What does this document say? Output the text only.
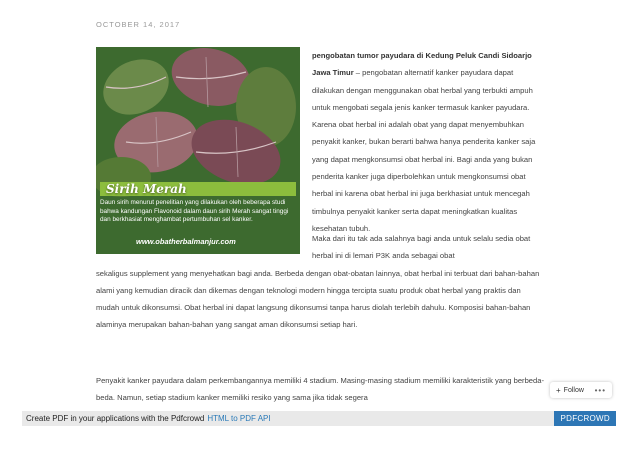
OCTOBER 14, 2017
Sirih Merah
Daun sirih menurut penelitian yang dilakukan oleh beberapa studi bahwa kandungan Flavonoid dalam daun sirih Merah sangat tinggi dan berkhasiat menghambat pertumbuhan sel kanker.
www.obatherbalmanjur.com

pengobatan tumor payudara di Kedung Peluk Candi Sidoarjo Jawa Timur – pengobatan alternatif kanker payudara dapat dilakukan dengan menggunakan obat herbal yang terbukti ampuh untuk mengobati segala jenis kanker termasuk kanker payudara. Karena obat herbal ini adalah obat yang dapat menyembuhkan penyakit kanker, bukan berarti bahwa hanya penderita kanker saja yang dapat mengkonsumsi obat herbal ini. Bagi anda yang bukan penderita kanker juga diperbolehkan untuk mengkonsumsi obat herbal ini karena obat herbal ini juga berkhasiat untuk mencegah timbulnya penyakit kanker serta dapat meningkatkan kualitas kesehatan tubuh.

Maka dari itu tak ada salahnya bagi anda untuk selalu sedia obat herbal ini di lemari P3K anda sebagai obat
sekaligus supplement yang menyehatkan bagi anda. Berbeda dengan obat-obatan lainnya, obat herbal ini terbuat dari bahan-bahan alami yang kemudian diracik dan dikemas dengan teknologi modern hingga tercipta suatu produk obat herbal yang praktis dan mudah untuk dikonsumsi. Obat herbal ini dapat langsung dikonsumsi tanpa harus diolah terlebih dahulu. Komposisi bahan-bahan alaminya merupakan bahan-bahan yang sangat aman dikonsumsi setiap hari.

Penyakit kanker payudara dalam perkembangannya memiliki 4 stadium. Masing-masing stadium memiliki karakteristik yang berbeda-beda. Namun, setiap stadium kanker memiliki resiko yang sama jika tidak segera

+ Follow •••
Create PDF in your applications with the Pdfcrowd HTML to PDF API	PDFCROWD
